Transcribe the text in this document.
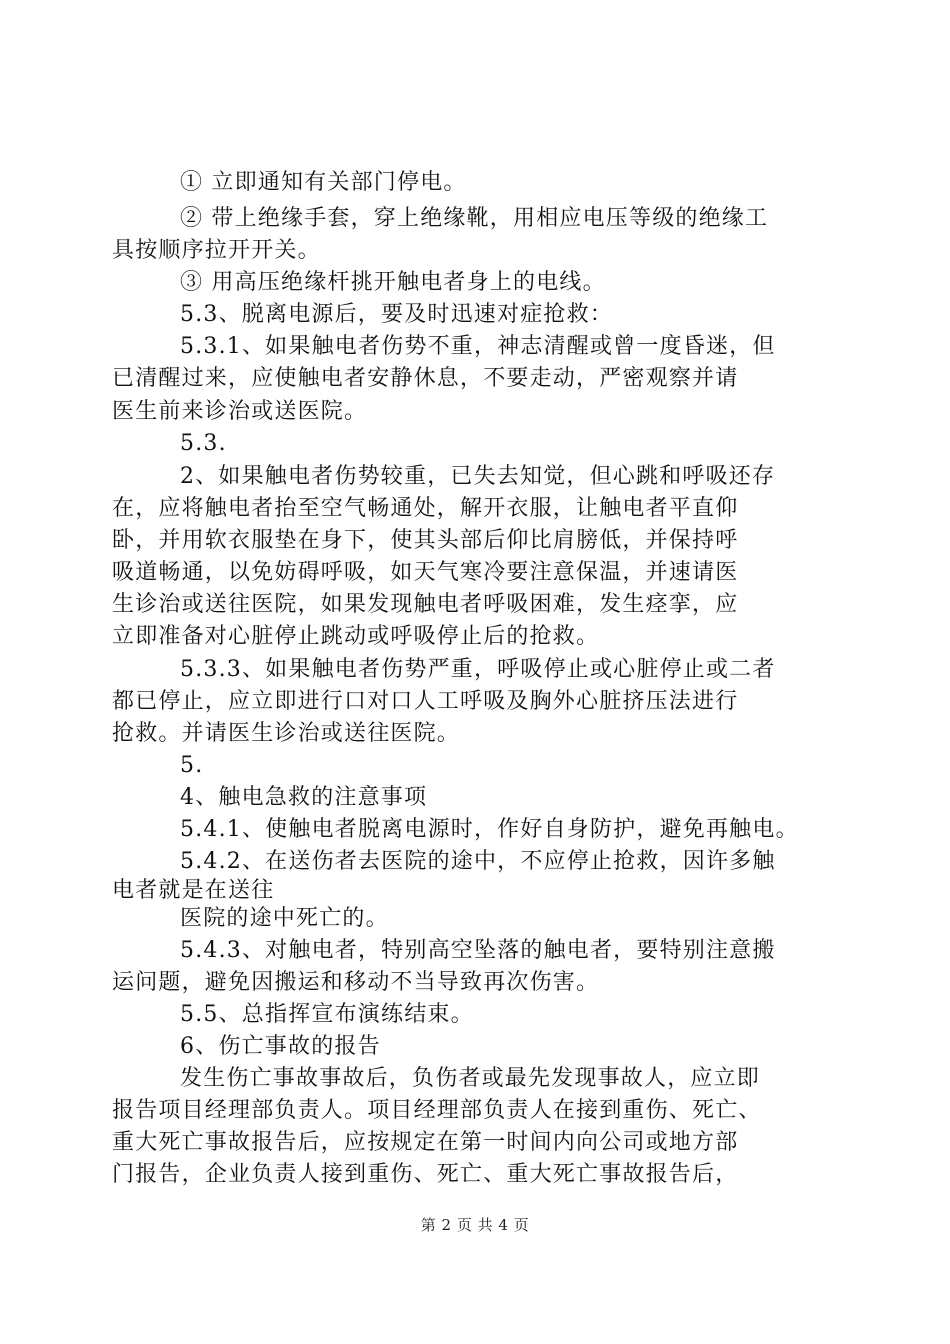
① 立即通知有关部门停电。
② 带上绝缘手套，穿上绝缘靴，用相应电压等级的绝缘工
具按顺序拉开开关。
③ 用高压绝缘杆挑开触电者身上的电线。
5.3、脱离电源后，要及时迅速对症抢救：
5.3.1、如果触电者伤势不重，神志清醒或曾一度昏迷，但
已清醒过来，应使触电者安静休息，不要走动，严密观察并请
医生前来诊治或送医院。
5.3.
2、如果触电者伤势较重，已失去知觉，但心跳和呼吸还存
在，应将触电者抬至空气畅通处，解开衣服，让触电者平直仰
卧，并用软衣服垫在身下，使其头部后仰比肩膀低，并保持呼
吸道畅通，以免妨碍呼吸，如天气寒冷要注意保温，并速请医
生诊治或送往医院，如果发现触电者呼吸困难，发生痉挛，应
立即准备对心脏停止跳动或呼吸停止后的抢救。
5.3.3、如果触电者伤势严重，呼吸停止或心脏停止或二者
都已停止，应立即进行口对口人工呼吸及胸外心脏挤压法进行
抢救。并请医生诊治或送往医院。
5.
4、触电急救的注意事项
5.4.1、使触电者脱离电源时，作好自身防护，避免再触电。
5.4.2、在送伤者去医院的途中，不应停止抢救，因许多触
电者就是在送往
医院的途中死亡的。
5.4.3、对触电者，特别高空坠落的触电者，要特别注意搬
运问题，避免因搬运和移动不当导致再次伤害。
5.5、总指挥宣布演练结束。
6、伤亡事故的报告
发生伤亡事故事故后，负伤者或最先发现事故人，应立即
报告项目经理部负责人。项目经理部负责人在接到重伤、死亡、
重大死亡事故报告后，应按规定在第一时间内向公司或地方部
门报告，企业负责人接到重伤、死亡、重大死亡事故报告后，
第 2 页 共 4 页
